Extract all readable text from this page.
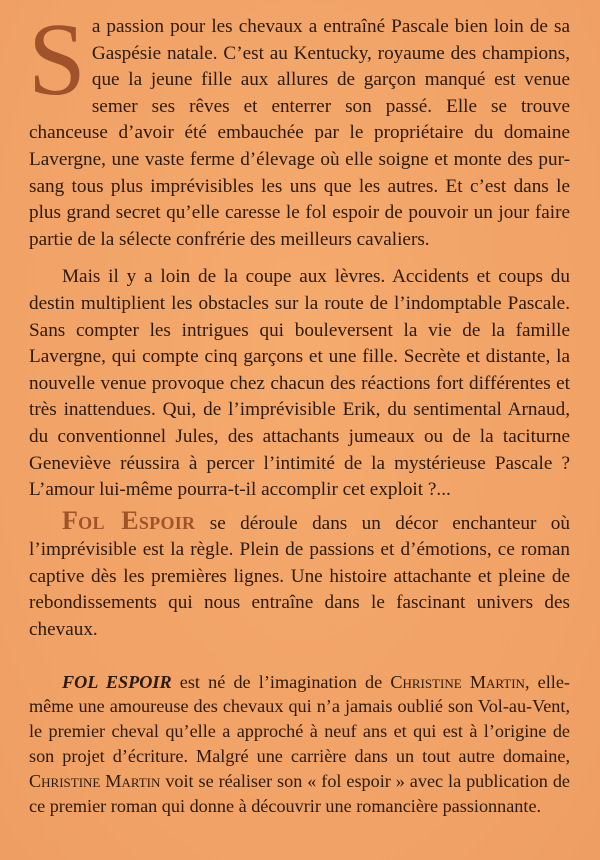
Sa passion pour les chevaux a entraîné Pascale bien loin de sa Gaspésie natale. C’est au Kentucky, royaume des champions, que la jeune fille aux allures de garçon manqué est venue semer ses rêves et enterrer son passé. Elle se trouve chanceuse d’avoir été embauchée par le propriétaire du domaine Lavergne, une vaste ferme d’élevage où elle soigne et monte des pur-sang tous plus imprévisibles les uns que les autres. Et c’est dans le plus grand secret qu’elle caresse le fol espoir de pouvoir un jour faire partie de la sélecte confrérie des meilleurs cavaliers.

Mais il y a loin de la coupe aux lèvres. Accidents et coups du destin multiplient les obstacles sur la route de l’indomptable Pascale. Sans compter les intrigues qui bouleversent la vie de la famille Lavergne, qui compte cinq garçons et une fille. Secrète et distante, la nouvelle venue provoque chez chacun des réactions fort différentes et très inattendues. Qui, de l’imprévisible Erik, du sentimental Arnaud, du conventionnel Jules, des attachants jumeaux ou de la taciturne Geneviève réussira à percer l’intimité de la mystérieuse Pascale ? L’amour lui-même pourra-t-il accomplir cet exploit ?...

Fol Espoir se déroule dans un décor enchanteur où l’imprévisible est la règle. Plein de passions et d’émotions, ce roman captive dès les premières lignes. Une histoire attachante et pleine de rebondissements qui nous entraîne dans le fascinant univers des chevaux.

FOL ESPOIR est né de l’imagination de Christine Martin, elle-même une amoureuse des chevaux qui n’a jamais oublié son Vol-au-Vent, le premier cheval qu’elle a approché à neuf ans et qui est à l’origine de son projet d’écriture. Malgré une carrière dans un tout autre domaine, Christine Martin voit se réaliser son « fol espoir » avec la publication de ce premier roman qui donne à découvrir une romancière passionnante.
